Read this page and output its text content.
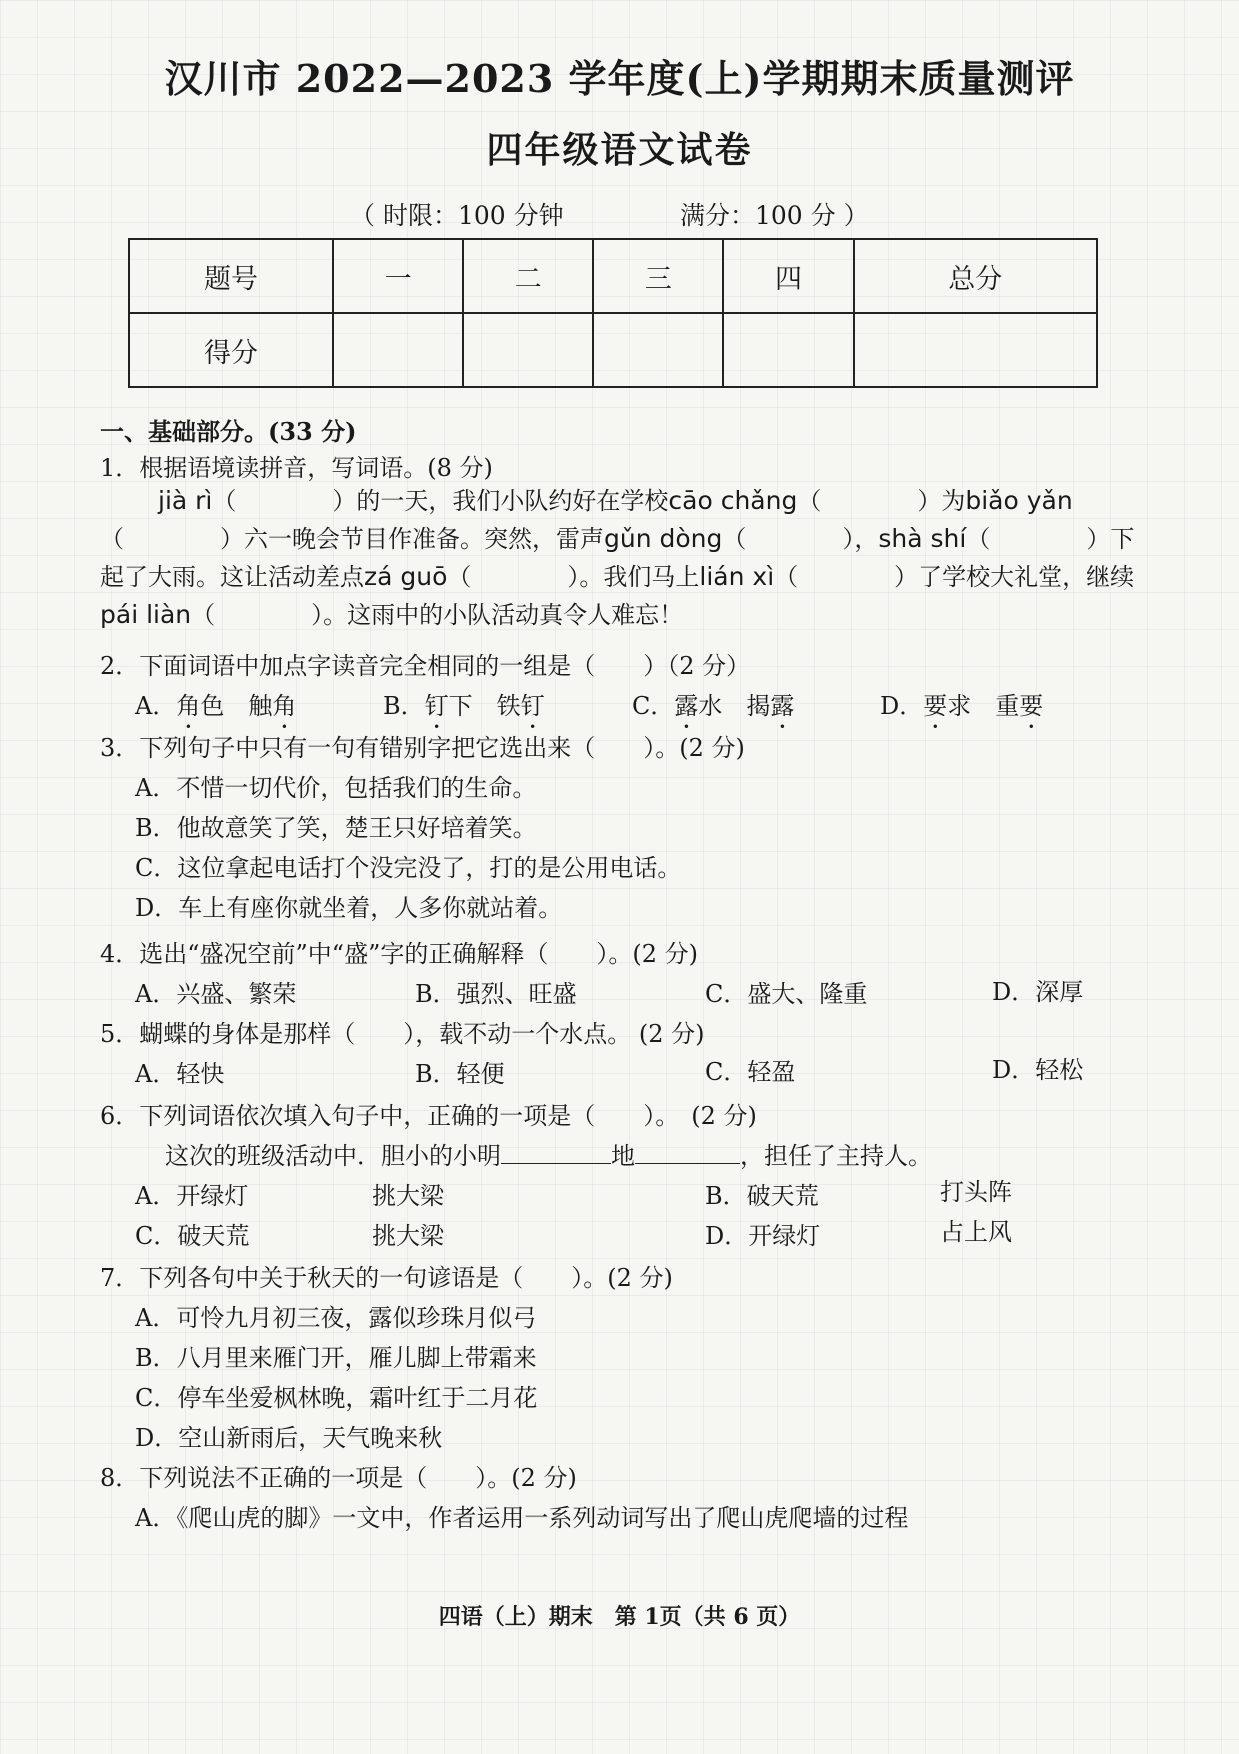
汉川市 2022—2023 学年度(上)学期期末质量测评
四年级语文试卷
（ 时限：100 分钟	满分：100 分 ）
题号	一	二	三	四	总分
得分					
一、基础部分。(33 分)
1．根据语境读拼音，写词语。(8 分)
jià rì（　　　　）的一天，我们小队约好在学校cāo chǎng（　　　　）为biǎo yǎn（　　　　）六一晚会节目作准备。突然，雷声gǔn dòng（　　　　），shà shí（　　　　）下起了大雨。这让活动差点zá guō（　　　　）。我们马上lián xì（　　　　）了学校大礼堂，继续pái liàn（　　　　）。这雨中的小队活动真令人难忘！
2．下面词语中加点字读音完全相同的一组是（　　）（2 分）
A．角色　 触角	B．钉下　 铁钉	C．露水　 揭露	D．要求　 重要
3．下列句子中只有一句有错别字把它选出来（　　）。(2 分)
A．不惜一切代价，包括我们的生命。
B．他故意笑了笑，楚王只好培着笑。
C．这位拿起电话打个没完没了，打的是公用电话。
D．车上有座你就坐着，人多你就站着。
4．选出“盛况空前”中“盛”字的正确解释（　　）。(2 分)
A．兴盛、繁荣	B．强烈、旺盛	C．盛大、隆重	D．深厚
5．蝴蝶的身体是那样（　　），载不动一个水点。 (2 分)
A．轻快	B．轻便	C．轻盈	D．轻松
6．下列词语依次填入句子中，正确的一项是（　　）。　(2 分)
这次的班级活动中．胆小的小明	地	，担任了主持人。
A．开绿灯	挑大梁	B．破天荒	打头阵
C．破天荒	挑大梁	D．开绿灯	占上风
7．下列各句中关于秋天的一句谚语是（　　）。(2 分)
A．可怜九月初三夜，露似珍珠月似弓
B．八月里来雁门开，雁儿脚上带霜来
C．停车坐爱枫林晚，霜叶红于二月花
D．空山新雨后，天气晚来秋
8．下列说法不正确的一项是（　　）。(2 分)
A．《爬山虎的脚》一文中，作者运用一系列动词写出了爬山虎爬墙的过程
四语（上）期末　第 1页（共 6 页）
